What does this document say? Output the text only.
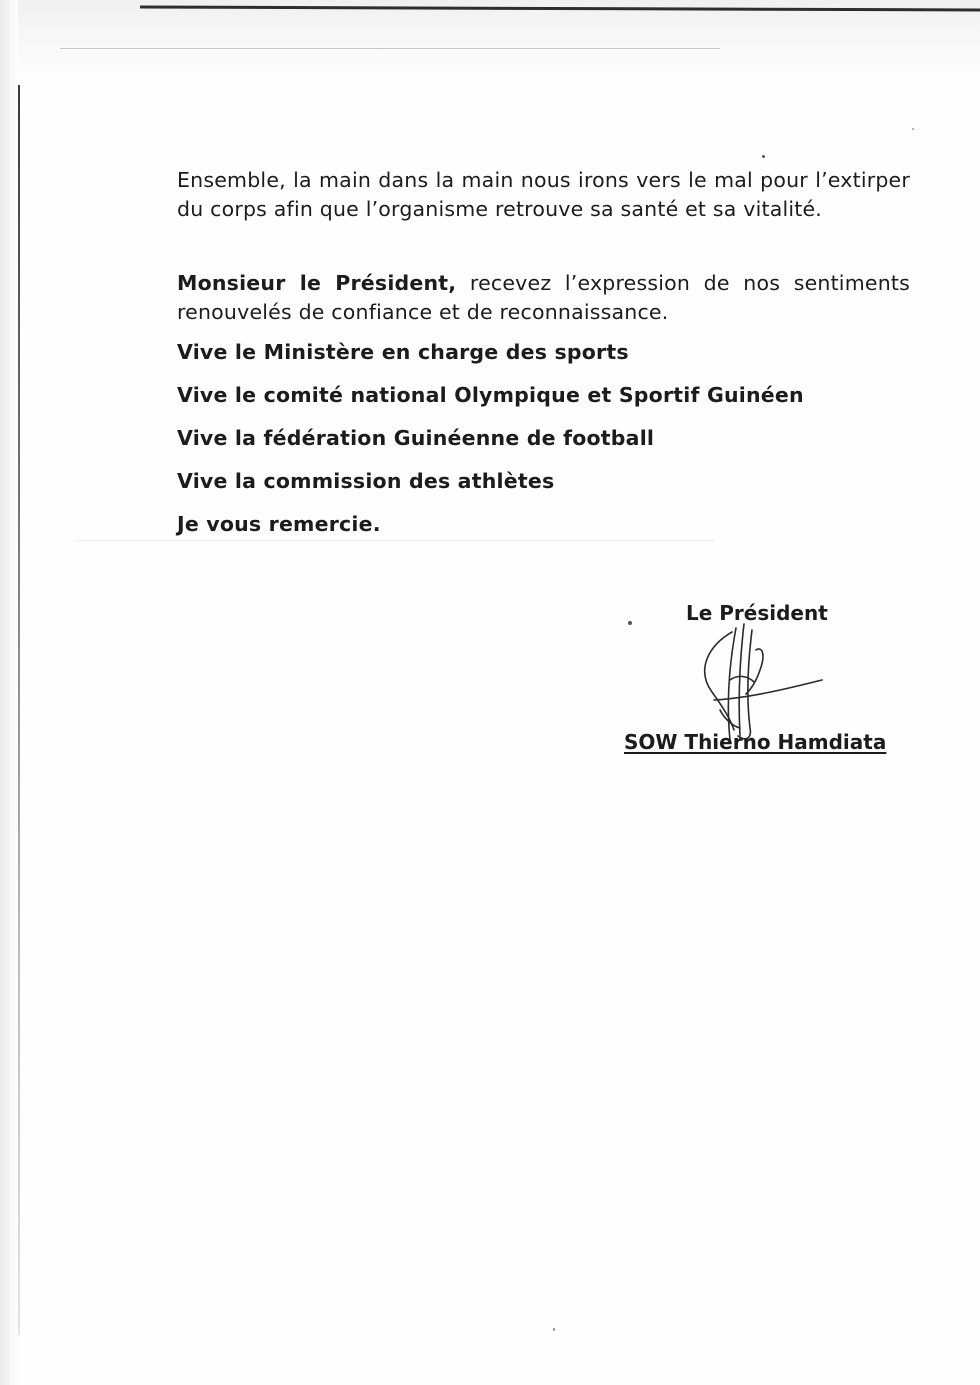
Ensemble, la main dans la main nous irons vers le mal pour l’extirper du corps afin que l’organisme retrouve sa santé et sa vitalité.

Monsieur le Président, recevez l’expression de nos sentiments renouvelés de confiance et de reconnaissance.

Vive le Ministère en charge des sports

Vive le comité national Olympique et Sportif Guinéen

Vive la fédération Guinéenne de football

Vive la commission des athlètes

Je vous remercie.

Le Président
SOW Thierno Hamdiata
